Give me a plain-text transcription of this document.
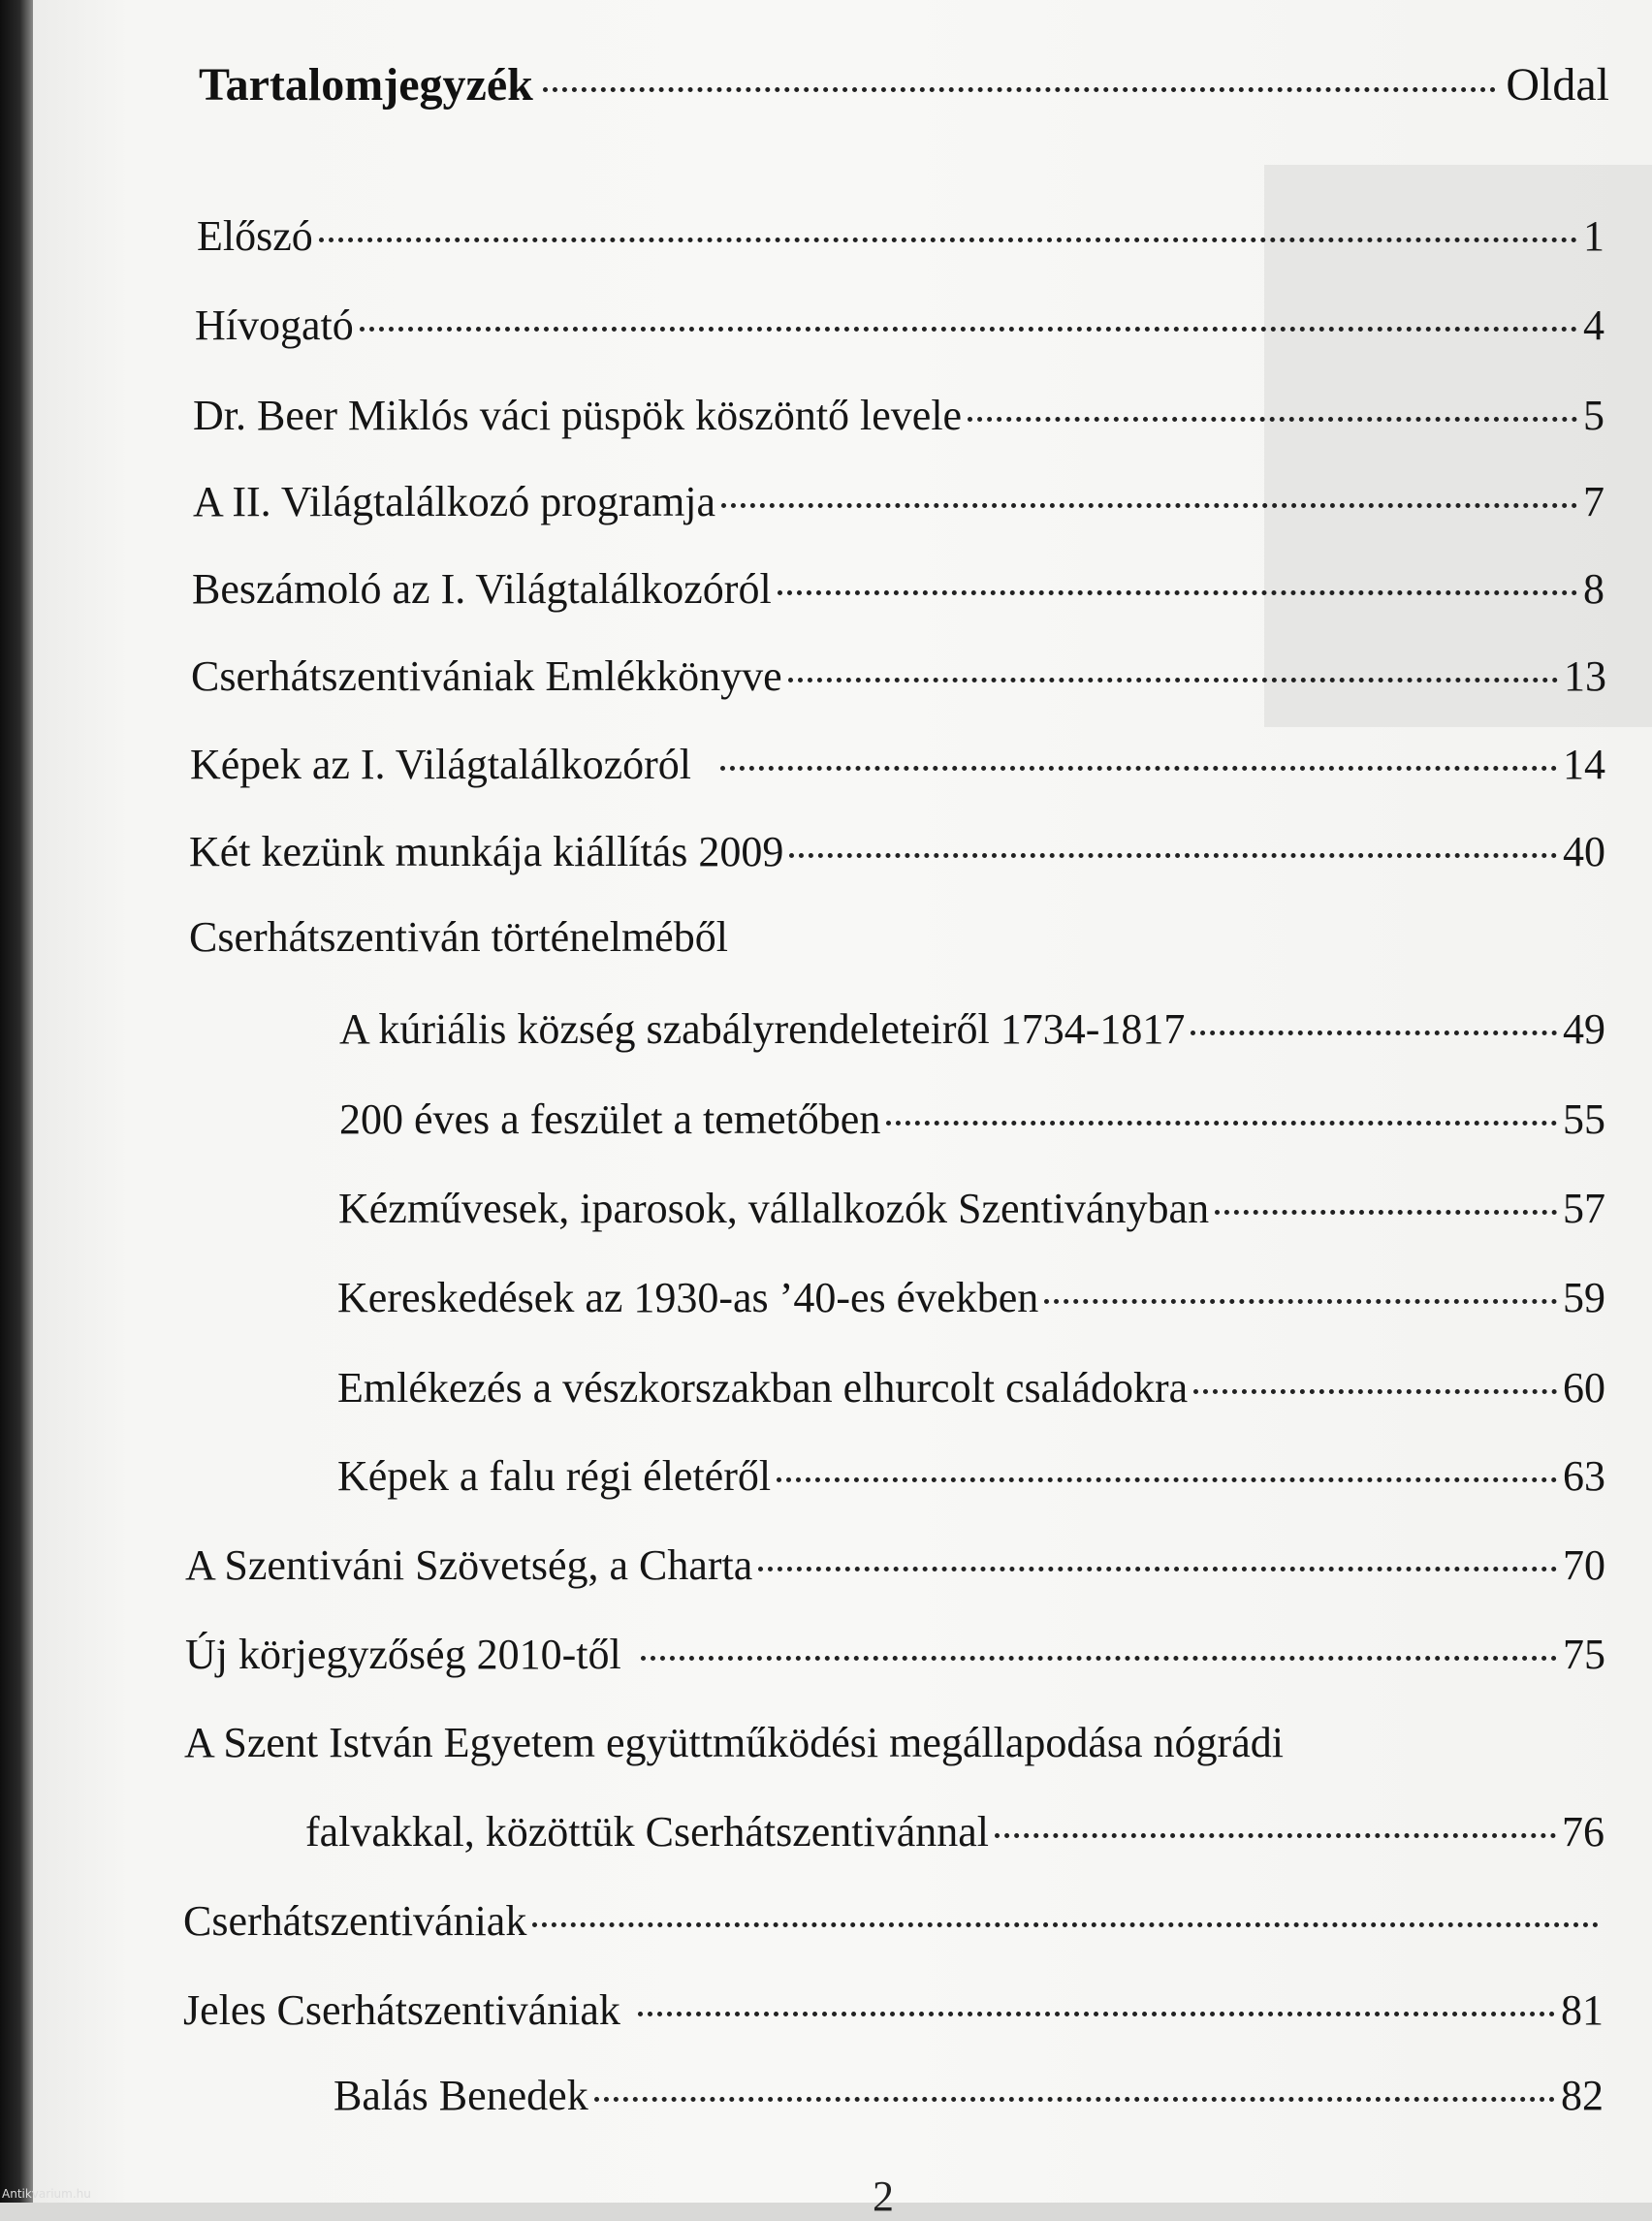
Tartalomjegyzék	Oldal
Előszó	1
Hívogató	4
Dr. Beer Miklós váci püspök köszöntő levele	5
A II. Világtalálkozó programja	7
Beszámoló az I. Világtalálkozóról	8
Cserhátszentivániak Emlékkönyve	13
Képek az I. Világtalálkozóról	14
Két kezünk munkája kiállítás 2009	40
Cserhátszentiván történelméből
A kúriális község szabályrendeleteiről 1734-1817	49
200 éves a feszület a temetőben	55
Kézművesek, iparosok, vállalkozók Szentiványban	57
Kereskedések az 1930-as ’40-es években	59
Emlékezés a vészkorszakban elhurcolt családokra	60
Képek a falu régi életéről	63
A Szentiváni Szövetség, a Charta	70
Új körjegyzőség 2010-től	75
A Szent István Egyetem együttműködési megállapodása nógrádi
falvakkal, közöttük Cserhátszentivánnal	76
Cserhátszentivániak
Jeles Cserhátszentivániak	81
Balás Benedek	82
2
Antikvarium.hu
